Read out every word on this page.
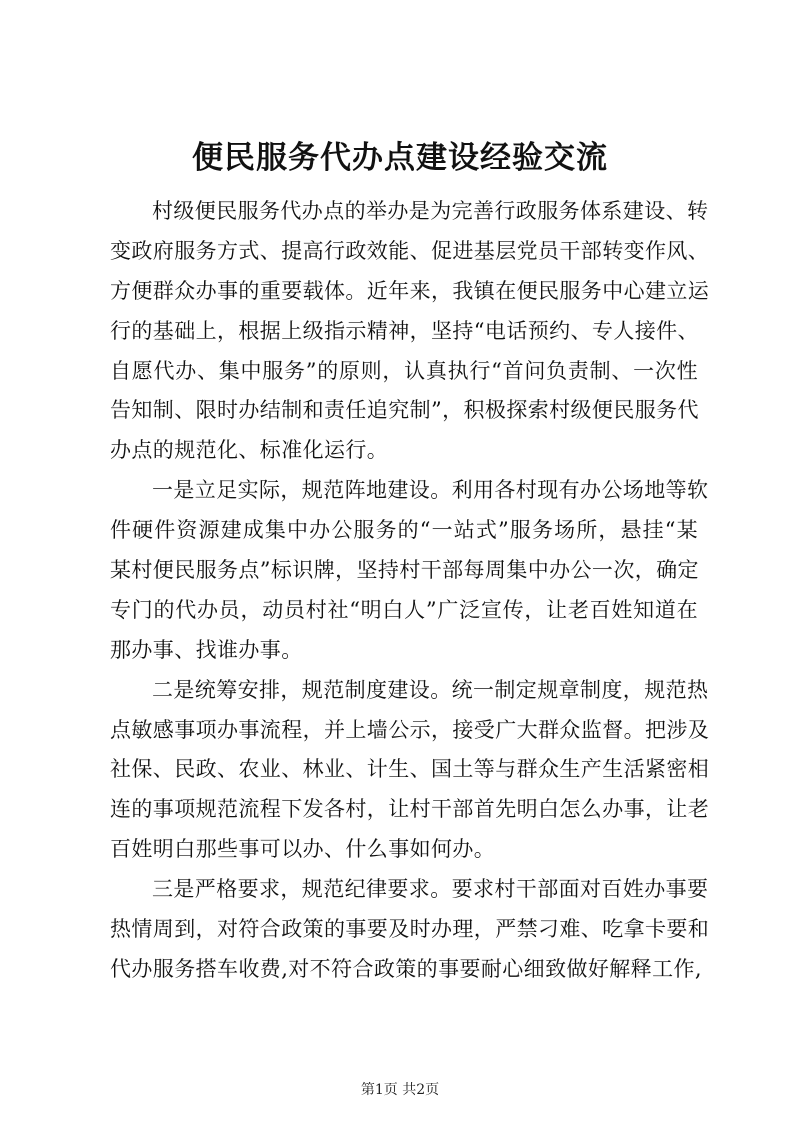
便民服务代办点建设经验交流
村级便民服务代办点的举办是为完善行政服务体系建设、转
变政府服务方式、提高行政效能、促进基层党员干部转变作风、
方便群众办事的重要载体。近年来，我镇在便民服务中心建立运
行的基础上，根据上级指示精神，坚持“电话预约、专人接件、
自愿代办、集中服务”的原则，认真执行“首问负责制、一次性
告知制、限时办结制和责任追究制”，积极探索村级便民服务代
办点的规范化、标准化运行。
一是立足实际，规范阵地建设。利用各村现有办公场地等软
件硬件资源建成集中办公服务的“一站式”服务场所，悬挂“某
某村便民服务点”标识牌，坚持村干部每周集中办公一次，确定
专门的代办员，动员村社“明白人”广泛宣传，让老百姓知道在
那办事、找谁办事。
二是统筹安排，规范制度建设。统一制定规章制度，规范热
点敏感事项办事流程，并上墙公示，接受广大群众监督。把涉及
社保、民政、农业、林业、计生、国土等与群众生产生活紧密相
连的事项规范流程下发各村，让村干部首先明白怎么办事，让老
百姓明白那些事可以办、什么事如何办。
三是严格要求，规范纪律要求。要求村干部面对百姓办事要
热情周到，对符合政策的事要及时办理，严禁刁难、吃拿卡要和
代办服务搭车收费,对不符合政策的事要耐心细致做好解释工作,
第1页 共2页
